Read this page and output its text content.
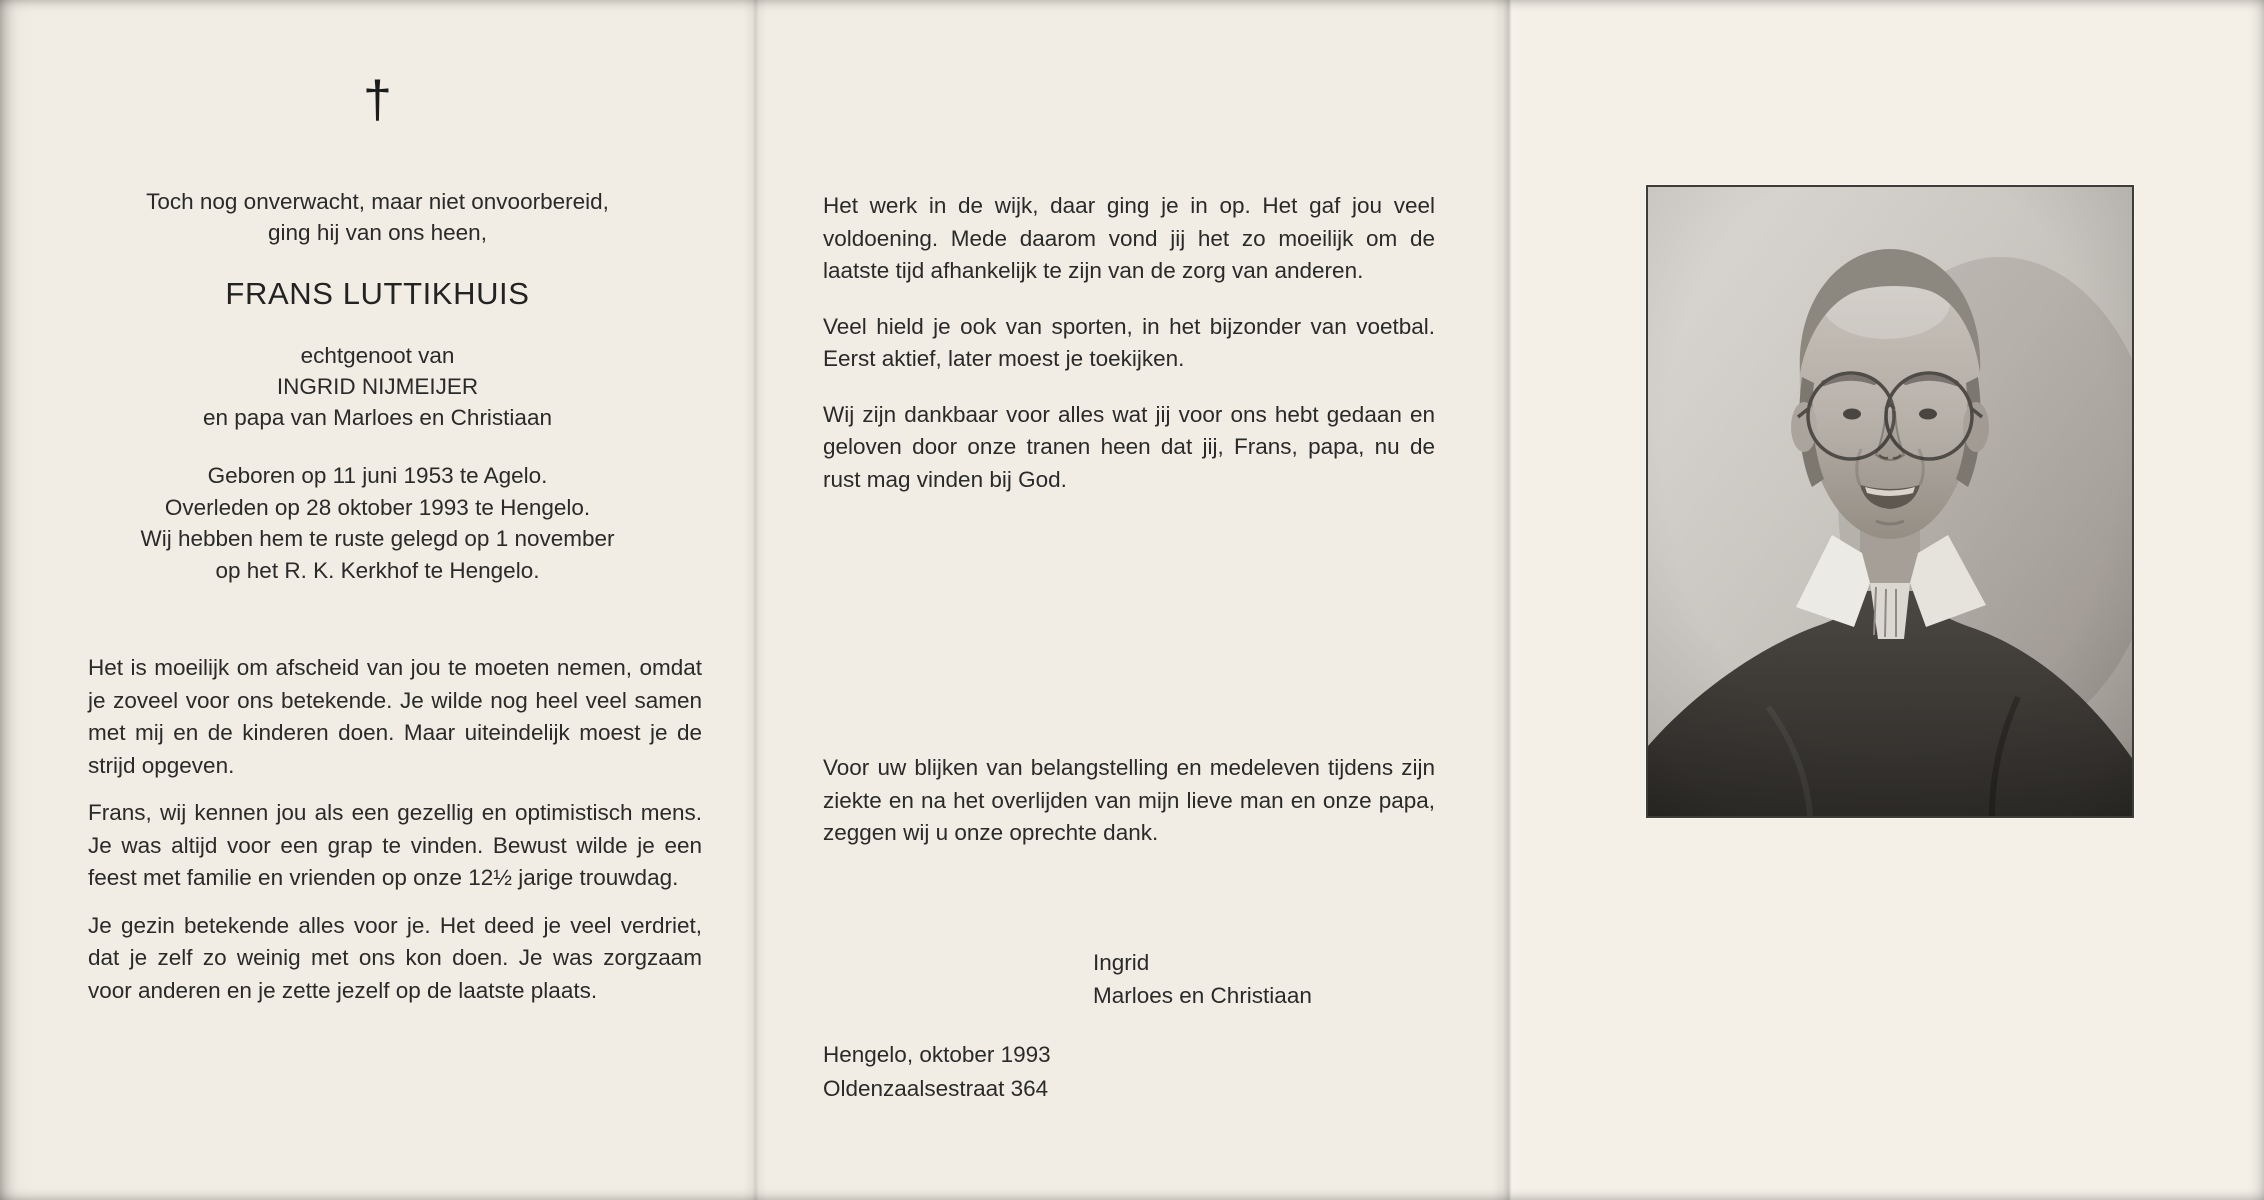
†
Toch nog onverwacht, maar niet onvoorbereid,
ging hij van ons heen,
FRANS LUTTIKHUIS
echtgenoot van
INGRID NIJMEIJER
en papa van Marloes en Christiaan
Geboren op 11 juni 1953 te Agelo.
Overleden op 28 oktober 1993 te Hengelo.
Wij hebben hem te ruste gelegd op 1 november
op het R. K. Kerkhof te Hengelo.

Het is moeilijk om afscheid van jou te moeten nemen, omdat je zoveel voor ons betekende. Je wilde nog heel veel samen met mij en de kinderen doen. Maar uiteindelijk moest je de strijd opgeven.

Frans, wij kennen jou als een gezellig en optimistisch mens. Je was altijd voor een grap te vinden. Bewust wilde je een feest met familie en vrienden op onze 12½ jarige trouwdag.

Je gezin betekende alles voor je. Het deed je veel verdriet, dat je zelf zo weinig met ons kon doen. Je was zorgzaam voor anderen en je zette jezelf op de laatste plaats.

Het werk in de wijk, daar ging je in op. Het gaf jou veel voldoening. Mede daarom vond jij het zo moeilijk om de laatste tijd afhankelijk te zijn van de zorg van anderen.

Veel hield je ook van sporten, in het bijzonder van voetbal. Eerst aktief, later moest je toekijken.

Wij zijn dankbaar voor alles wat jij voor ons hebt gedaan en geloven door onze tranen heen dat jij, Frans, papa, nu de rust mag vinden bij God.

Voor uw blijken van belangstelling en medeleven tijdens zijn ziekte en na het overlijden van mijn lieve man en onze papa, zeggen wij u onze oprechte dank.

Ingrid
Marloes en Christiaan
Hengelo, oktober 1993
Oldenzaalsestraat 364
